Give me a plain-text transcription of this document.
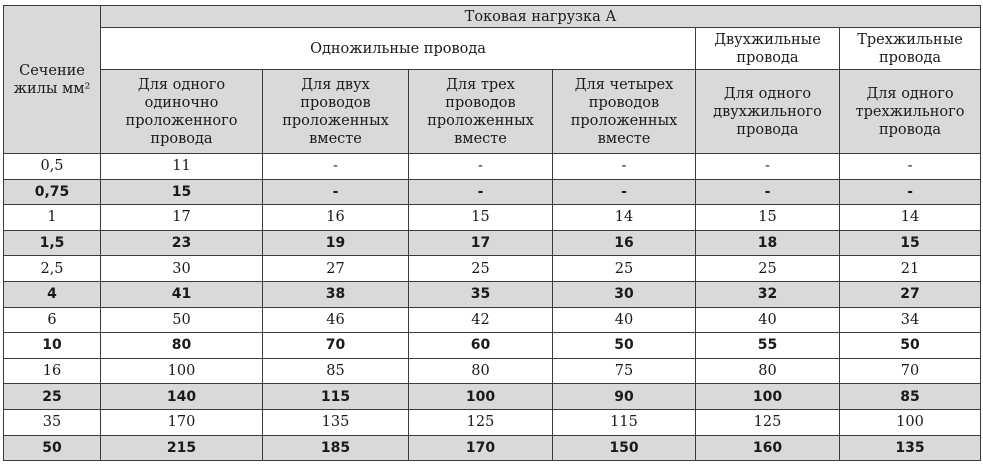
Сечение жилы мм²	Токовая нагрузка А					
	Одножильные провода				Двухжильные провода	Трехжильные провода
	Для одного одиночно проложенного провода	Для двух проводов проложенных вместе	Для трех проводов проложенных вместе	Для четырех проводов проложенных вместе	Для одного двухжильного провода	Для одного трехжильного провода
0,5	11	-	-	-	-	-
0,75	15	-	-	-	-	-
1	17	16	15	14	15	14
1,5	23	19	17	16	18	15
2,5	30	27	25	25	25	21
4	41	38	35	30	32	27
6	50	46	42	40	40	34
10	80	70	60	50	55	50
16	100	85	80	75	80	70
25	140	115	100	90	100	85
35	170	135	125	115	125	100
50	215	185	170	150	160	135
